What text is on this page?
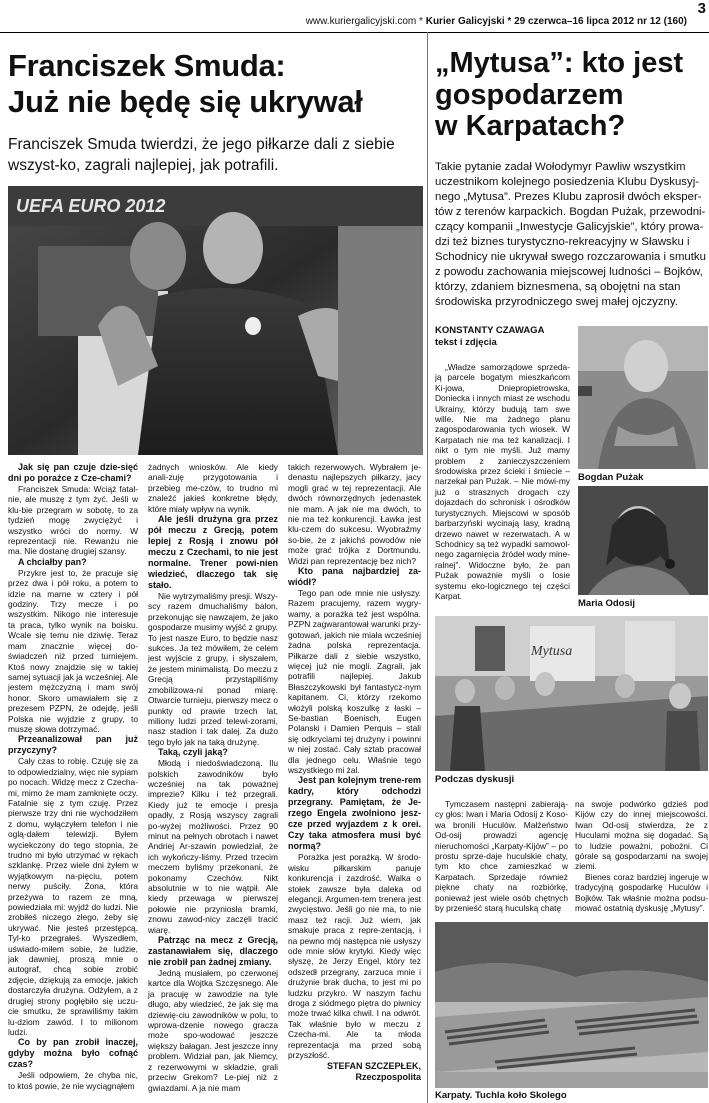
www.kuriergalicyjski.com * Kurier Galicyjski * 29 czerwca–16 lipca 2012 nr 12 (160)
3
Franciszek Smuda:
Już nie będę się ukrywał
Franciszek Smuda twierdzi, że jego piłkarze dali z siebie wszyst-ko, zagrali najlepiej, jak potrafili.
UEFA EURO 2012

Jak się pan czuje dzie-sięć dni po porażce z Cze-chami?

Franciszek Smuda: Wciąż fatal-nie, ale muszę z tym żyć. Jeśli w klu-bie przegram w sobotę, to za tydzień mogę zwyciężyć i wszystko wróci do normy. W reprezentacji nie. Rewanżu nie ma. Nie dostanę drugiej szansy.

A chciałby pan?

Przykre jest to, że pracuje się przez dwa i pół roku, a potem to idzie na marne w cztery i pół godziny. Trzy mecze i po wszystkim. Nikogo nie interesuje ta praca, tylko wynik na boisku. Wcale się temu nie dziwię. Teraz mam znacznie więcej do-świadczeń niż przed turniejem. Ktoś nowy znajdzie się w takiej samej sytuacji jak ja wcześniej. Ale jestem mężczyzną i mam swój honor. Skoro umawiałem się z prezesem PZPN, że odejdę, jeśli Polska nie wyjdzie z grupy, to muszę słowa dotrzymać.

Przeanalizował pan już przyczyny?

Cały czas to robię. Czuję się za to odpowiedzialny, więc nie sypiam po nocach. Widzę mecz z Czecha-mi, mimo że mam zamknięte oczy. Fatalnie się z tym czuję. Przez pierwsze trzy dni nie wychodziłem z domu, wyłączyłem telefon i nie oglą-dałem telewizji. Byłem wyciekczony do tego stopnia, że trudno mi było utrzymać w rękach szklankę. Przez wiele dni żyłem w wyjątkowym na-pięciu, potem nerwy puściły. Żona, która przeżywa to razem ze mną, powiedziała mi: wyjdź do ludzi. Nie zrobiłeś niczego złego, żeby się ukrywać. Nie jesteś przestępcą. Tyl-ko przegrałeś. Wyszedłem, uświado-miłem sobie, że ludzie, jak dawniej, proszą mnie o autograf, chcą sobie zrobić zdjęcie, dziękują za emocje, jakich dostarczyła drużyna. Odżyłem, a z drugiej strony pogłębiło się uczu-cie smutku, że sprawiliśmy takim lu-dziom zawód. I to milionom ludzi.

Co by pan zrobił inaczej, gdyby można było cofnąć czas?

Jeśli odpowiem, że chyba nic, to ktoś powie, że nie wyciągnąłem

żadnych wniosków. Ale kiedy anali-zuję przygotowania i przebieg me-czów, to trudno mi znaleźć jakieś konkretne błędy, które miały wpływ na wynik.

Ale jeśli drużyna gra przez pół meczu z Grecją, potem lepiej z Rosją i znowu pół meczu z Czechami, to nie jest normalne. Trener powi-nien wiedzieć, dlaczego tak się stało.

Nie wytrzymaliśmy presji. Wszy-scy razem dmuchaliśmy balon, przekonując się nawzajem, że jako gospodarze musimy wyjść z grupy. To jest nasze Euro, to będzie nasz sukces. Ja też mówiłem, że celem jest wyjście z grupy, i słyszałem, że jestem minimalistą. Do meczu z Grecją przystąpiliśmy zmobilizowa-ni ponad miarę. Otwarcie turnieju, pierwszy mecz o punkty od prawie trzech lat, miliony ludzi przed telewi-zorami, nasz stadion i tak dalej. Za dużo tego było jak na taką drużynę.

Taką, czyli jaką?

Młodą i niedoświadczoną. Ilu polskich zawodników było wcześniej na tak poważnej imprezie? Kilku i też przegrali. Kiedy już te emocje i presja opadły, z Rosją wszyscy zagrali po-wyżej możliwości. Przez 90 minut na pełnych obrotach i nawet Andriej Ar-szawin powiedział, że ich wykończy-liśmy. Przed trzecim meczem byliśmy przekonani, że pokonamy Czechów. Nikt absolutnie w to nie wątpił. Ale kiedy przewaga w pierwszej połowie nie przyniosła bramki, znowu zawod-nicy zaczęli tracić wiarę.

Patrząc na mecz z Grecją, zastanawiałem się, dlaczego nie zrobił pan żadnej zmiany.

Jedną musiałem, po czerwonej kartce dla Wojtka Szczęsnego. Ale ja pracuję w zawodzie na tyle długo, aby wiedzieć, że jak się ma dziewię-ciu zawodników w polu, to wprowa-dzenie nowego gracza może spo-wodować jeszcze większy bałagan. Jest jeszcze inny problem. Widział pan, jak Niemcy, z rezerwowymi w składzie, grali przeciw Grekom? Le-piej niż z gwiazdami. A ja nie mam

takich rezerwowych. Wybrałem je-denastu najlepszych piłkarzy, jacy mogli grać w tej reprezentacji. Ale dwóch równorzędnych jedenastek nie mam. A jak nie ma dwóch, to nie ma też konkurencji. Ławka jest klu-czem do sukcesu. Wyobraźmy so-bie, że z jakichś powodów nie może grać trójka z Dortmundu. Widzi pan reprezentację bez nich?

Kto pana najbardziej za-wiódł?

Tego pan ode mnie nie usłyszy. Razem pracujemy, razem wygry-wamy, a porażka też jest wspólna. PZPN zagwarantował warunki przy-gotowań, jakich nie miała wcześniej żadna polska reprezentacja. Piłkarze dali z siebie wszystko, więcej już nie mogli. Zagrali, jak potrafili najlepiej. Jakub Błaszczykowski był fantastycz-nym kapitanem. Ci, którzy rzekomo włożyli polską koszulkę z łaski – Se-bastian Boenisch, Eugen Polanski i Damien Perquis – stali się odkryciami tej drużyny i powinni w niej zostać. Cały sztab pracował dla jednego celu. Właśnie tego wszystkiego mi żal.

Jest pan kolejnym trene-rem kadry, który odchodzi przegrany. Pamiętam, że Je-rzego Engela zwolniono jesz-cze przed wyjazdem z k orei. Czy taka atmosfera musi być normą?

Porażka jest porażką. W środo-wisku piłkarskim panuje konkurencja i zazdrość. Walka o stołek zawsze była daleka od elegancji. Argumen-tem trenera jest zwycięstwo. Jeśli go nie ma, to nie masz też racji. Już wiem, jak smakuje praca z repre-zentacją, i na pewno mój następca nie usłyszy ode mnie słów krytyki. Kiedy więc słyszę, że Jerzy Engel, który też odszedł przegrany, zarzuca mnie i drużynie brak ducha, to jest mi po ludzku przykro. W naszym fachu droga z siódmego piętra do piwnicy może trwać kilka chwil. I na odwrót. Tak właśnie było w meczu z Czecha-mi. Ale ta młoda reprezentacja ma przed sobą przyszłość.

STEFAN SZCZEPŁEK,
Rzeczpospolita
„Mytusa”: kto jest
gospodarzem
w Karpatach?
Takie pytanie zadał Wołodymyr Pawliw wszystkim uczestnikom kolejnego posiedzenia Klubu Dyskusyj-nego „Mytusa”. Prezes Klubu zaprosił dwóch eksper-tów z terenów karpackich. Bogdan Pużak, przewodni-czący kompanii „Inwestycje Galicyjskie”, który prowa-dzi też biznes turystyczno-rekreacyjny w Sławsku i Schodnicy nie ukrywał swego rozczarowania i smutku z powodu zachowania miejscowej ludności – Bojków, którzy, zdaniem biznesmena, są obojętni na stan środowiska przyrodniczego swej małej ojczyzny.
KONSTANTY CZAWAGA
tekst i zdjęcia

„Władze samorządowe sprzeda-ją parcele bogatym mieszkańcom Ki-jowa, Dniepropietrowska, Doniecka i innych miast ze wschodu Ukrainy, którzy budują tam swe wille. Nie ma żadnego planu zagospodarowania tych wiosek. W Karpatach nie ma też kanalizacji. I nikt o tym nie myśli. Już mamy problem z zanieczyszczeniem środowiska przez ścieki i śmiecie – narzekał pan Pużak. – Nie mówi-my już o strasznych drogach czy dojazdach do schronisk i ośrodków turystycznych. Miejscowi w sposób barbarzyński wycinają lasy, kradną drzewo nawet w rezerwatach. A w Schodnicy są też wypadki samowol-nego zagarnięcia źródeł wody mine-ralnej”. Widoczne było, że pan Pużak poważnie myśli o losie systemu eko-logicznego tej części Karpat.

Bogdan Pużak
Maria Odosij
Mytusa
Podczas dyskusji

Tymczasem następni zabierają-cy głos: Iwan i Maria Odosij z Koso-wa bronili Huculów. Małżeństwo Od-osij prowadzi agencję nieruchomości „Karpaty-Kijów” – po prostu sprze-daje huculskie chaty, tym kto chce zamieszkać w Karpatach. Sprzedaje również piękne chaty na rozbiórkę, ponieważ jest wiele osób chętnych by przenieść starą huculską chatę

na swoje podwórko gdzieś pod Kijów czy do innej miejscowości. Iwan Od-osij stwierdza, że z Huculami można się dogadać. Są to ludzie poważni, pobożni. Ci górale są gospodarzami na swojej ziemi.

Bienes coraz bardziej ingeruje w tradycyjną gospodarkę Huculów i Bojków. Tak właśnie można podsu-mować ostatnią dyskusję „Mytusy”.

Karpaty. Tuchla koło Skolego
